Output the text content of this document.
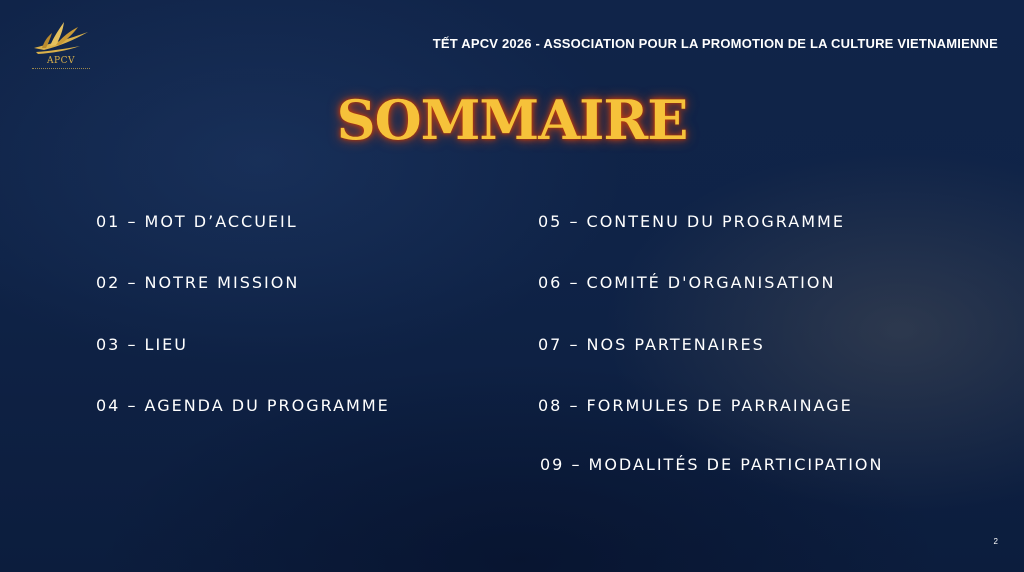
APCV
TẾT APCV 2026 - ASSOCIATION POUR LA PROMOTION DE LA CULTURE VIETNAMIENNE
SOMMAIRE
01 – MOT D’ACCUEIL
02 – NOTRE MISSION
03 – LIEU
04 – AGENDA DU PROGRAMME
05 – CONTENU DU PROGRAMME
06 – COMITÉ D'ORGANISATION
07 – NOS PARTENAIRES
08 – FORMULES DE PARRAINAGE
09 – MODALITÉS DE PARTICIPATION
2
